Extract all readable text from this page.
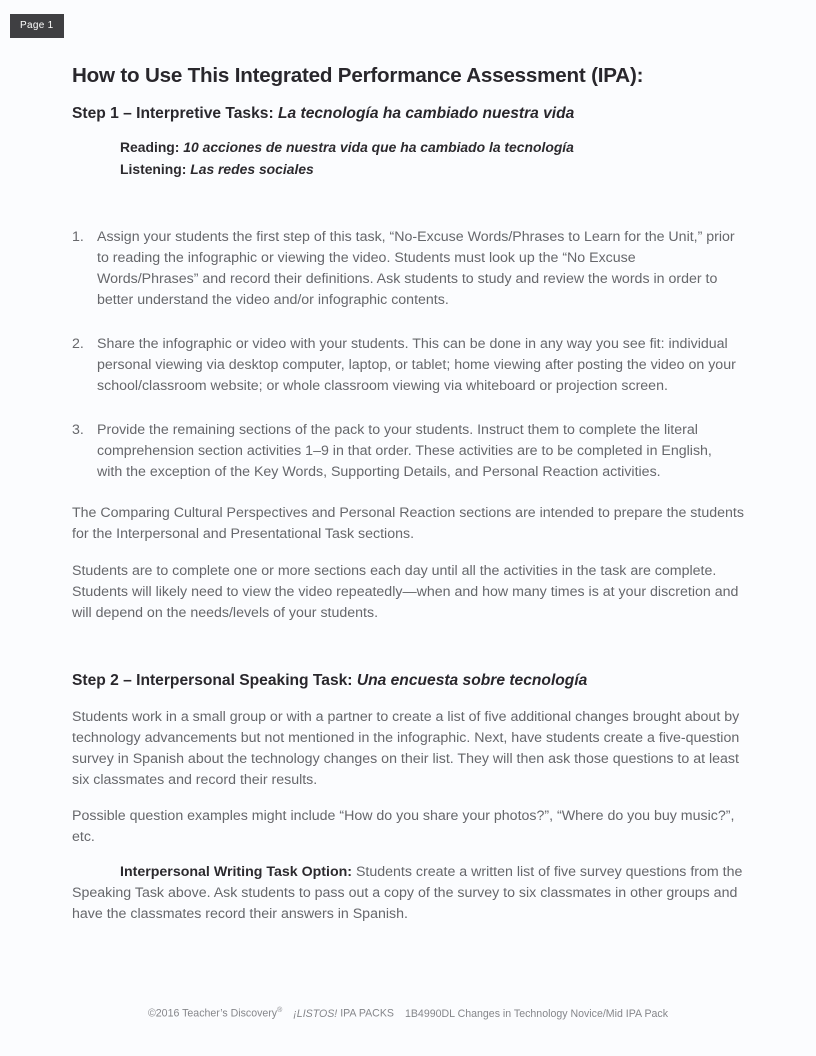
Page 1
How to Use This Integrated Performance Assessment (IPA):
Step 1 – Interpretive Tasks: La tecnología ha cambiado nuestra vida
Reading: 10 acciones de nuestra vida que ha cambiado la tecnología
Listening: Las redes sociales
1. Assign your students the first step of this task, “No-Excuse Words/Phrases to Learn for the Unit,” prior to reading the infographic or viewing the video. Students must look up the “No Excuse Words/Phrases” and record their definitions. Ask students to study and review the words in order to better understand the video and/or infographic contents.
2. Share the infographic or video with your students. This can be done in any way you see fit: individual personal viewing via desktop computer, laptop, or tablet; home viewing after posting the video on your school/classroom website; or whole classroom viewing via whiteboard or projection screen.
3. Provide the remaining sections of the pack to your students. Instruct them to complete the literal comprehension section activities 1–9 in that order. These activities are to be completed in English, with the exception of the Key Words, Supporting Details, and Personal Reaction activities.

The Comparing Cultural Perspectives and Personal Reaction sections are intended to prepare the students for the Interpersonal and Presentational Task sections.

Students are to complete one or more sections each day until all the activities in the task are complete. Students will likely need to view the video repeatedly—when and how many times is at your discretion and will depend on the needs/levels of your students.

Step 2 – Interpersonal Speaking Task: Una encuesta sobre tecnología

Students work in a small group or with a partner to create a list of five additional changes brought about by technology advancements but not mentioned in the infographic. Next, have students create a five-question survey in Spanish about the technology changes on their list. They will then ask those questions to at least six classmates and record their results.

Possible question examples might include “How do you share your photos?”, “Where do you buy music?”, etc.

Interpersonal Writing Task Option: Students create a written list of five survey questions from the Speaking Task above. Ask students to pass out a copy of the survey to six classmates in other groups and have the classmates record their answers in Spanish.

©2016 Teacher’s Discovery® ¡LISTOS! IPA PACKS 1B4990DL Changes in Technology Novice/Mid IPA Pack
